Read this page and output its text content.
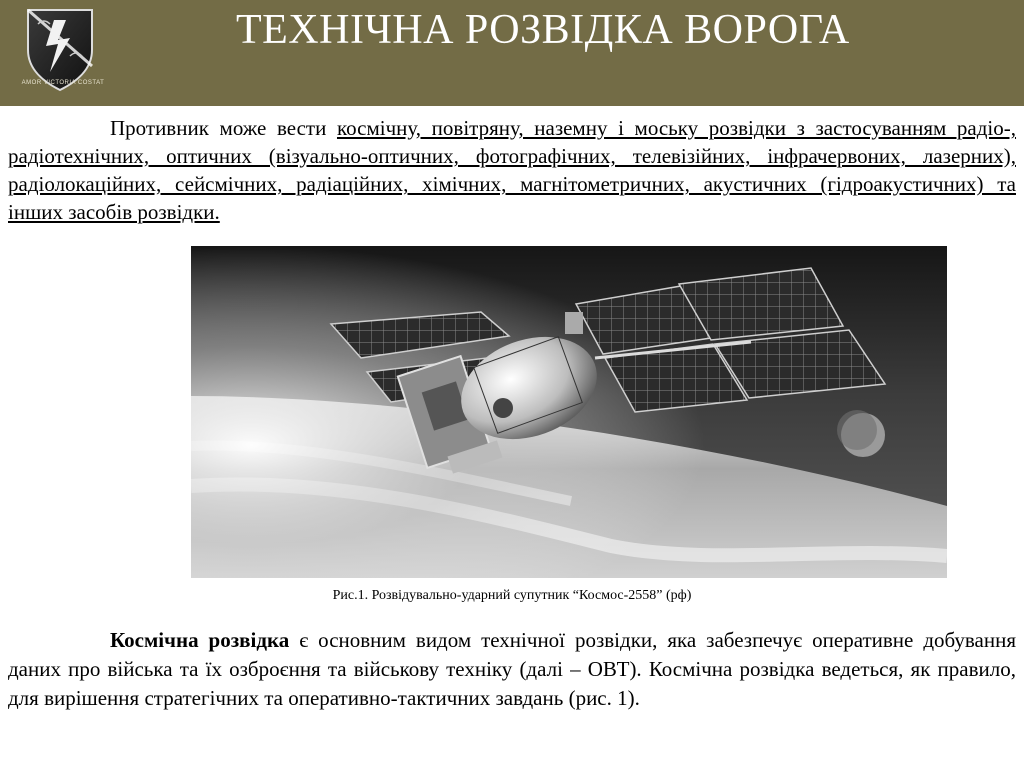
AMOR VICTORIA COSTAT
ТЕХНІЧНА РОЗВІДКА ВОРОГА

Противник може вести космічну, повітряну, наземну і моську розвідки з застосуванням радіо-, радіотехнічних, оптичних (візуально-оптичних, фотографічних, телевізійних, інфрачервоних, лазерних), радіолокаційних, сейсмічних, радіаційних, хімічних, магнітометричних, акустичних (гідроакустичних) та інших засобів розвідки.

Рис.1. Розвідувально-ударний супутник “Космос-2558” (рф)

Космічна розвідка є основним видом технічної розвідки, яка забезпечує оперативне добування даних про війська та їх озброєння та військову техніку (далі – ОВТ). Космічна розвідка ведеться, як правило, для вирішення стратегічних та оперативно-тактичних завдань (рис. 1).
